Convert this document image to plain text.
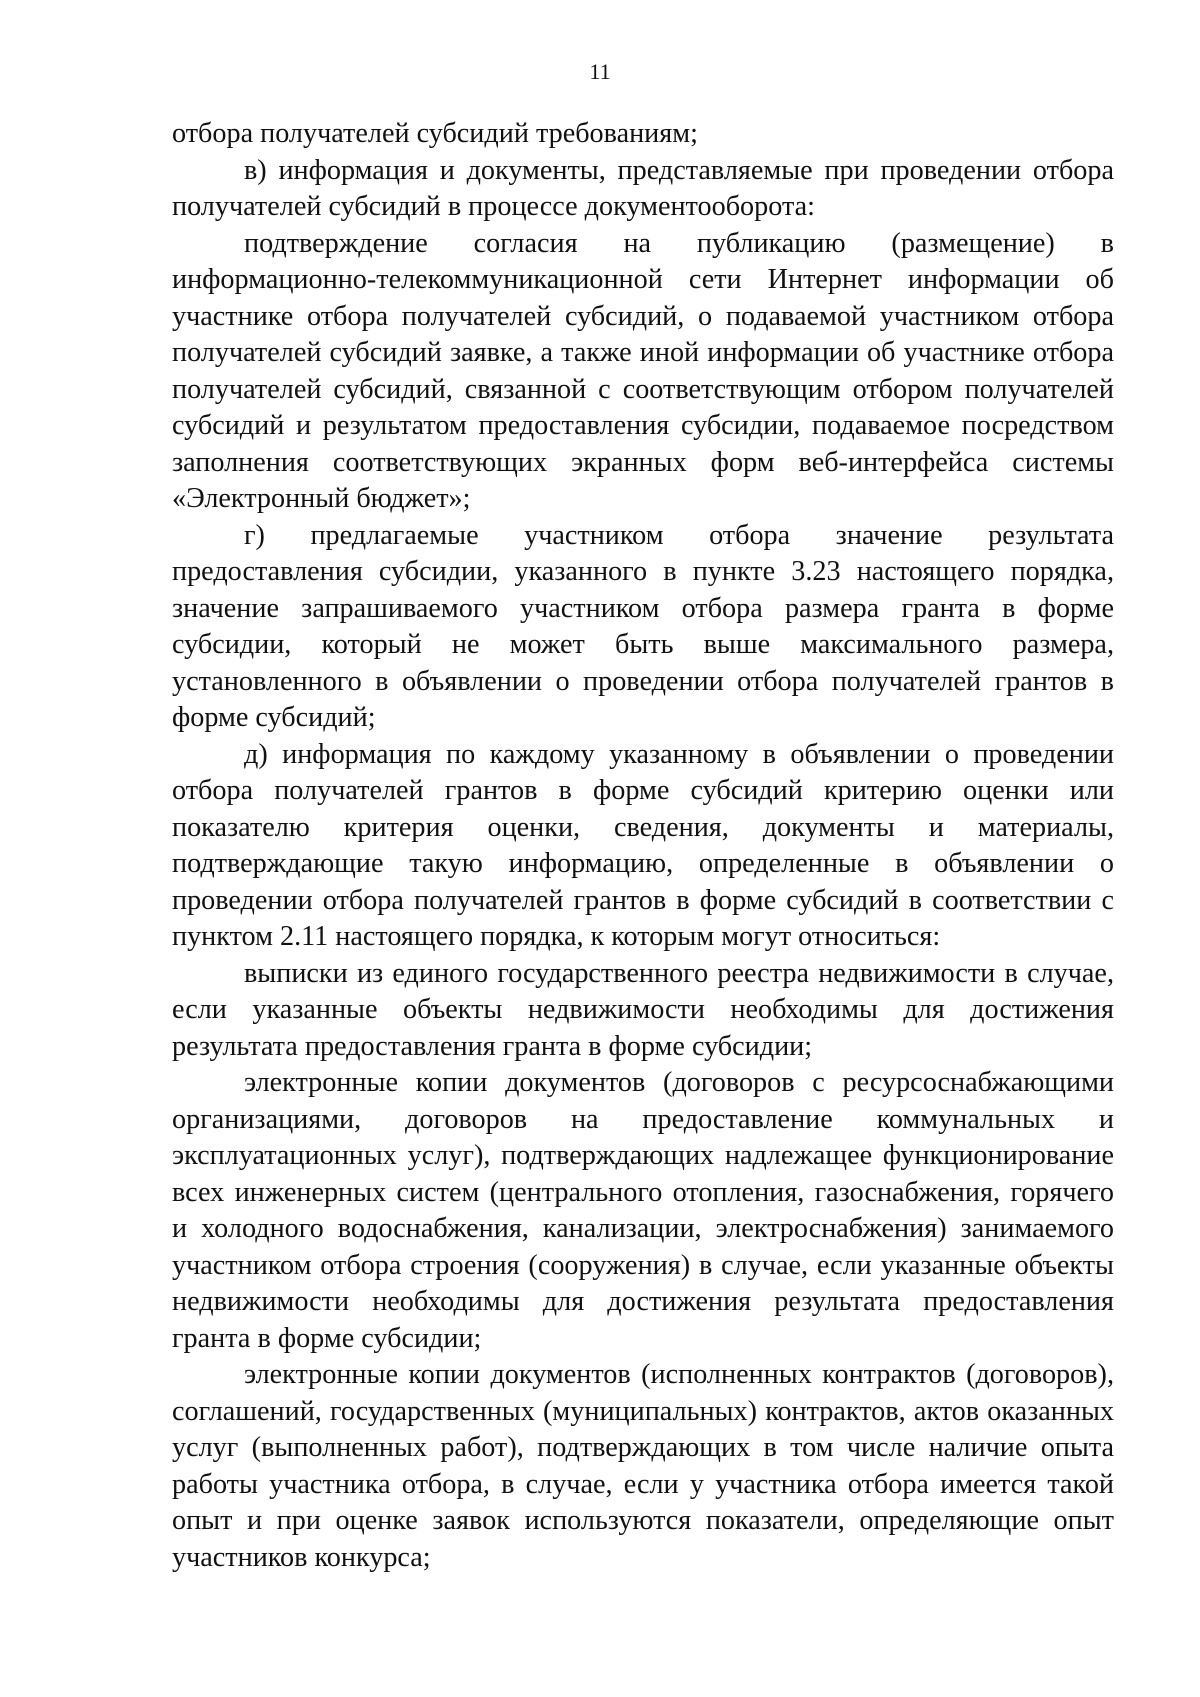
11

отбора получателей субсидий требованиям;

в) информация и документы, представляемые при проведении отбора получателей субсидий в процессе документооборота:

подтверждение согласия на публикацию (размещение) в информационно-телекоммуникационной сети Интернет информации об участнике отбора получателей субсидий, о подаваемой участником отбора получателей субсидий заявке, а также иной информации об участнике отбора получателей субсидий, связанной с соответствующим отбором получателей субсидий и результатом предоставления субсидии, подаваемое посредством заполнения соответствующих экранных форм веб-интерфейса системы «Электронный бюджет»;

г) предлагаемые участником отбора значение результата предоставления субсидии, указанного в пункте 3.23 настоящего порядка, значение запрашиваемого участником отбора размера гранта в форме субсидии, который не может быть выше максимального размера, установленного в объявлении о проведении отбора получателей грантов в форме субсидий;

д) информация по каждому указанному в объявлении о проведении отбора получателей грантов в форме субсидий критерию оценки или показателю критерия оценки, сведения, документы и материалы, подтверждающие такую информацию, определенные в объявлении о проведении отбора получателей грантов в форме субсидий в соответствии с пунктом 2.11 настоящего порядка, к которым могут относиться:

выписки из единого государственного реестра недвижимости в случае, если указанные объекты недвижимости необходимы для достижения результата предоставления гранта в форме субсидии;

электронные копии документов (договоров с ресурсоснабжающими организациями, договоров на предоставление коммунальных и эксплуатационных услуг), подтверждающих надлежащее функционирование всех инженерных систем (центрального отопления, газоснабжения, горячего и холодного водоснабжения, канализации, электроснабжения) занимаемого участником отбора строения (сооружения) в случае, если указанные объекты недвижимости необходимы для достижения результата предоставления гранта в форме субсидии;

электронные копии документов (исполненных контрактов (договоров), соглашений, государственных (муниципальных) контрактов, актов оказанных услуг (выполненных работ), подтверждающих в том числе наличие опыта работы участника отбора, в случае, если у участника отбора имеется такой опыт и при оценке заявок используются показатели, определяющие опыт участников конкурса;
